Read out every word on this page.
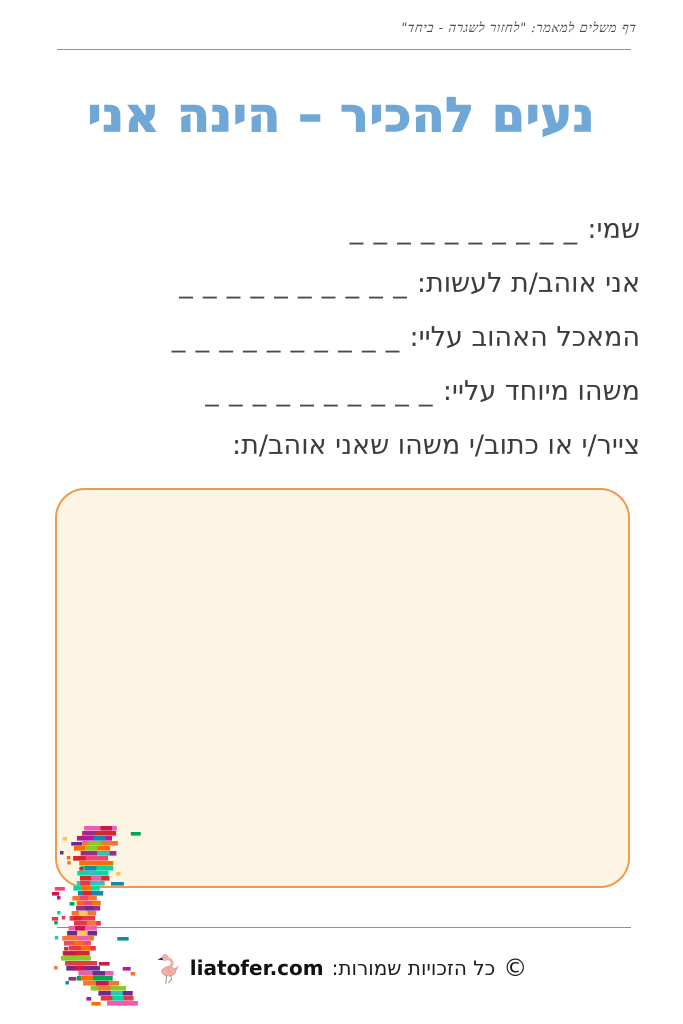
דף משלים למאמר: "לחזור לשגרה - ביחד"
נעים להכיר – הינה אני
שמי:__________
אני אוהב/ת לעשות:__________
המאכל האהוב עליי:__________
משהו מיוחד עליי:__________
צייר/י או כתוב/י משהו שאני אוהב/ת:
©
כל הזכויות שמורות:
liatofer.com
